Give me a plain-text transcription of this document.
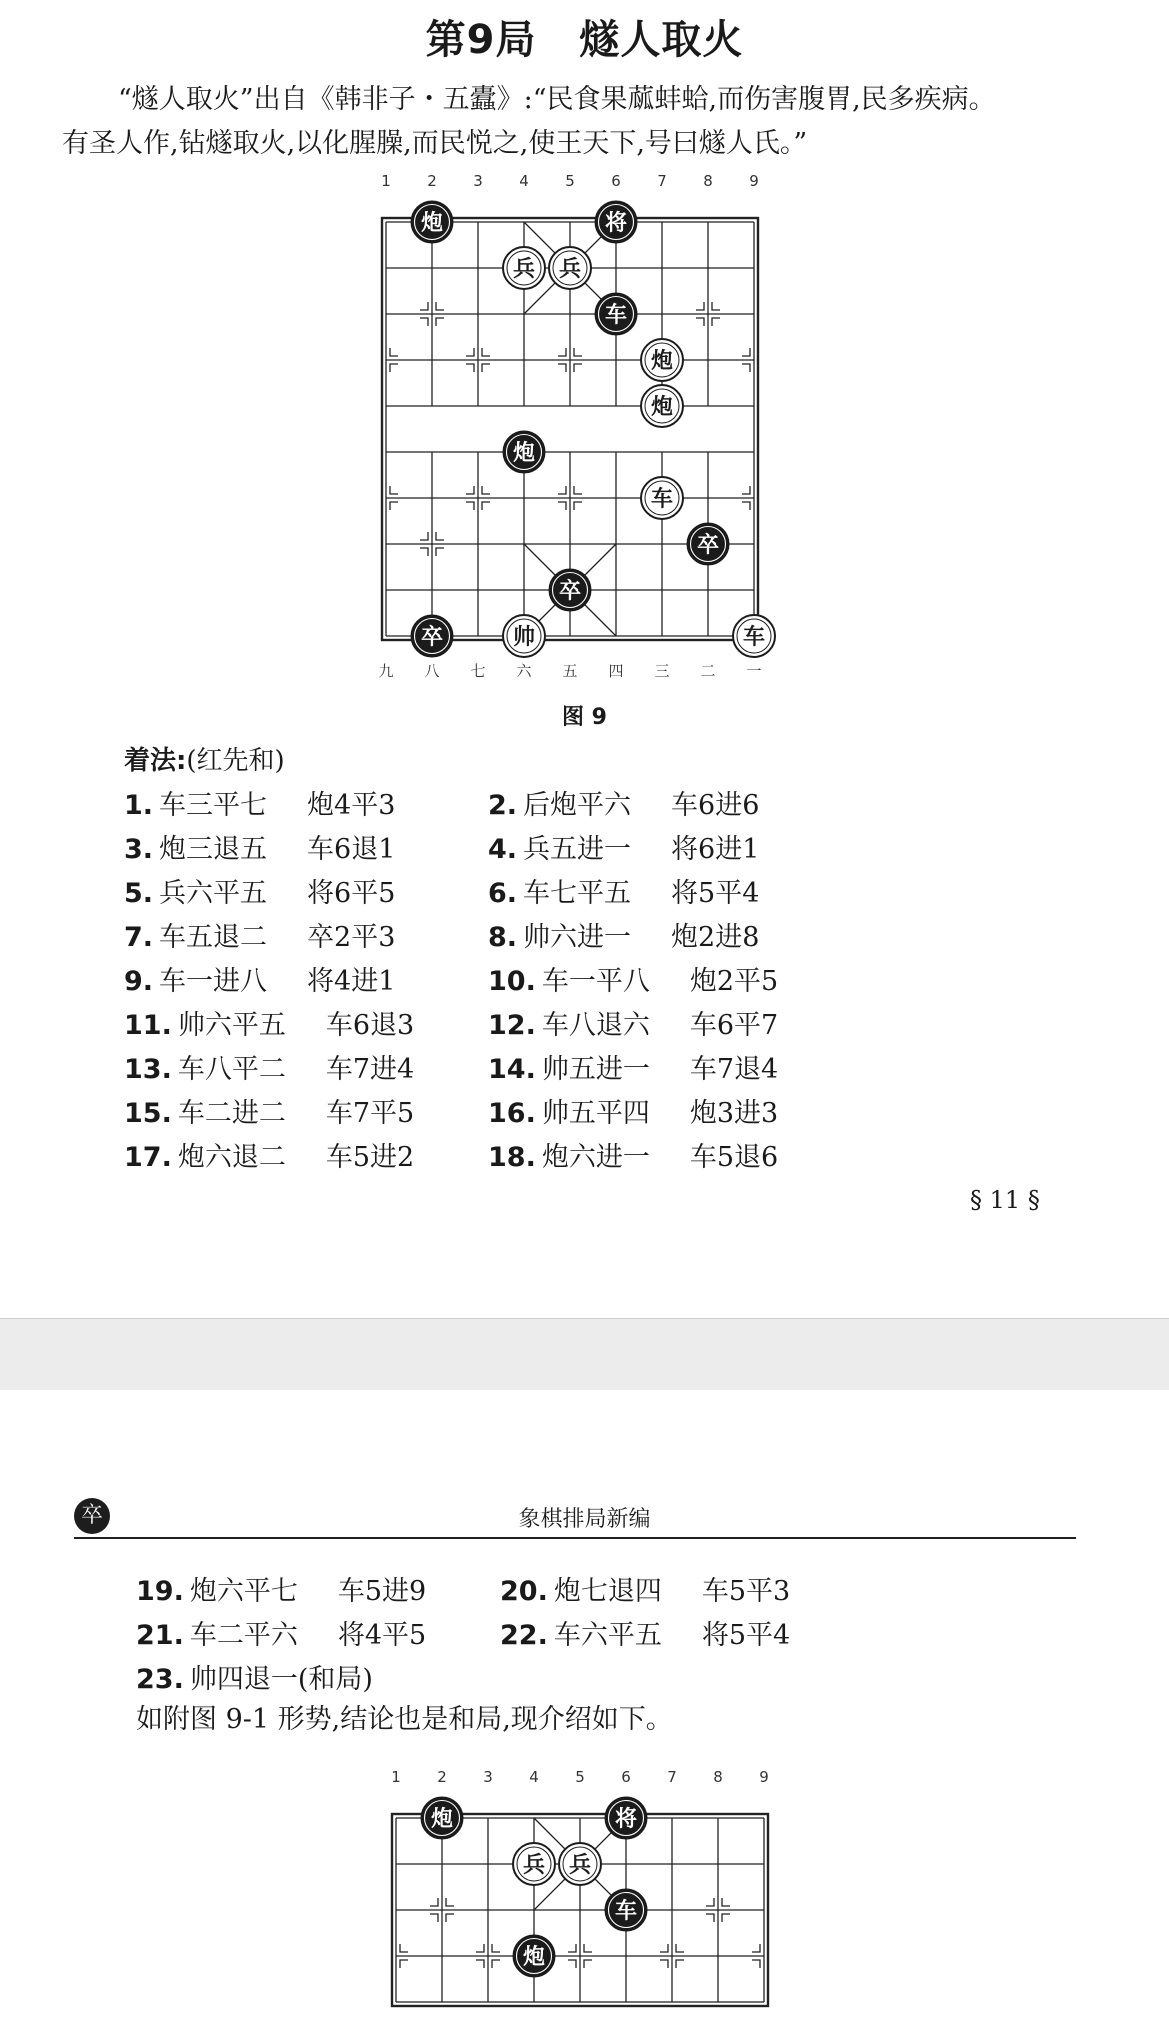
第9局 燧人取火

“燧人取火”出自《韩非子・五蠹》:“民食果蓏蚌蛤,而伤害腹胃,民多疾病。

有圣人作,钻燧取火,以化腥臊,而民悦之,使王天下,号曰燧人氏。”

1 2 3 4 5 6 7 8 9
九 八 七 六 五 四 三 二 一
炮	将
兵 兵
车
炮
炮
炮
车
卒
卒
卒	帅	车
图 9
着法:(红先和)
1. 车三平七 炮4平3	2. 后炮平六 车6进6
3. 炮三退五 车6退1	4. 兵五进一 将6进1
5. 兵六平五 将6平5	6. 车七平五 将5平4
7. 车五退二 卒2平3	8. 帅六进一 炮2进8
9. 车一进八 将4进1	10. 车一平八 炮2平5
11. 帅六平五 车6退3	12. 车八退六 车6平7
13. 车八平二 车7进4	14. 帅五进一 车7退4
15. 车二进二 车7平5	16. 帅五平四 炮3进3
17. 炮六退二 车5进2	18. 炮六进一 车5退6
§ 11 §
卒	象棋排局新编
19. 炮六平七 车5进9	20. 炮七退四 车5平3
21. 车二平六 将4平5	22. 车六平五 将5平4
23. 帅四退一(和局)
如附图 9-1 形势,结论也是和局,现介绍如下。
1 2 3 4 5 6 7 8 9
炮	将
兵 兵
车
炮
